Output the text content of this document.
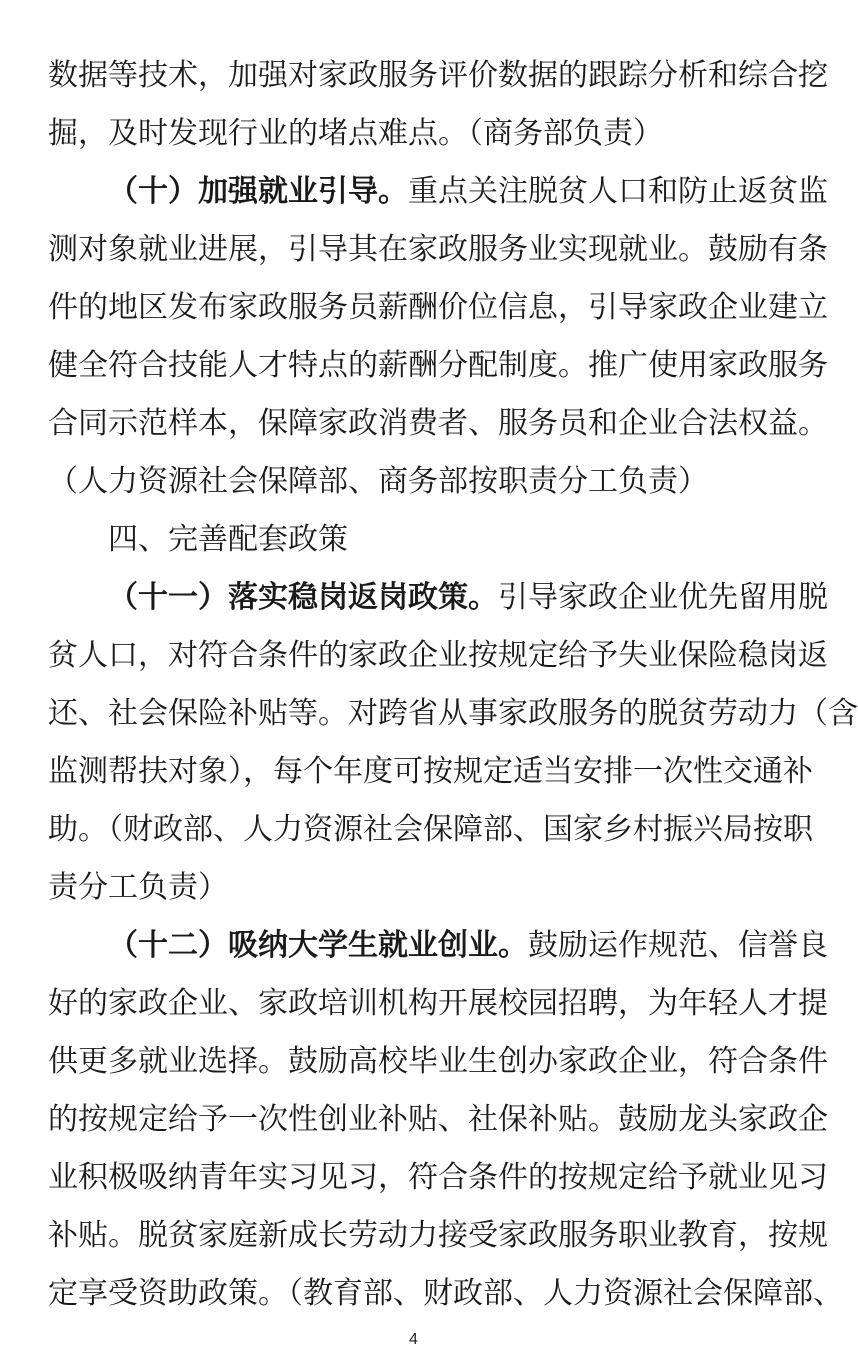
数据等技术，加强对家政服务评价数据的跟踪分析和综合挖
掘，及时发现行业的堵点难点。（商务部负责）
（十）加强就业引导。重点关注脱贫人口和防止返贫监
测对象就业进展，引导其在家政服务业实现就业。鼓励有条
件的地区发布家政服务员薪酬价位信息，引导家政企业建立
健全符合技能人才特点的薪酬分配制度。推广使用家政服务
合同示范样本，保障家政消费者、服务员和企业合法权益。
（人力资源社会保障部、商务部按职责分工负责）
四、完善配套政策
（十一）落实稳岗返岗政策。引导家政企业优先留用脱
贫人口，对符合条件的家政企业按规定给予失业保险稳岗返
还、社会保险补贴等。对跨省从事家政服务的脱贫劳动力（含
监测帮扶对象），每个年度可按规定适当安排一次性交通补
助。（财政部、人力资源社会保障部、国家乡村振兴局按职
责分工负责）
（十二）吸纳大学生就业创业。鼓励运作规范、信誉良
好的家政企业、家政培训机构开展校园招聘，为年轻人才提
供更多就业选择。鼓励高校毕业生创办家政企业，符合条件
的按规定给予一次性创业补贴、社保补贴。鼓励龙头家政企
业积极吸纳青年实习见习，符合条件的按规定给予就业见习
补贴。脱贫家庭新成长劳动力接受家政服务职业教育，按规
定享受资助政策。（教育部、财政部、人力资源社会保障部、
4
